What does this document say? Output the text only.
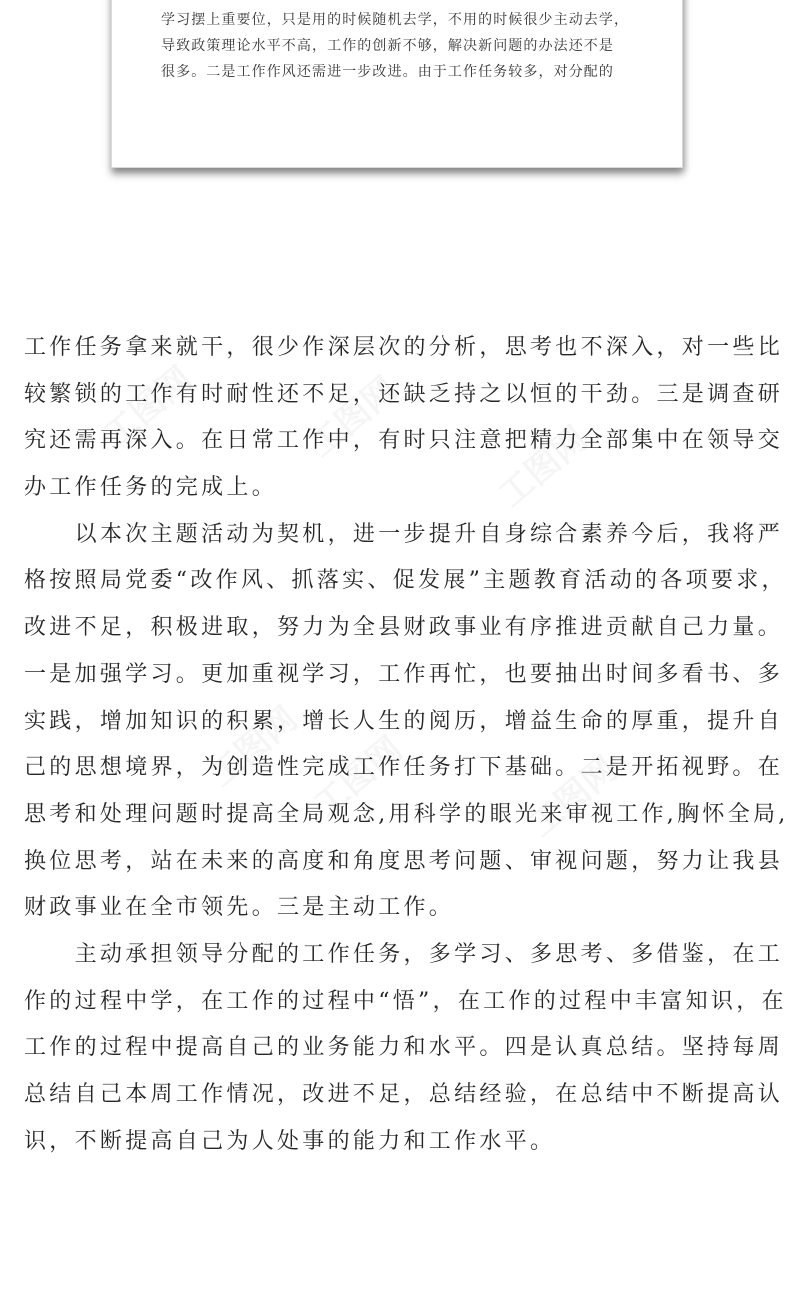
学习摆上重要位，只是用的时候随机去学，不用的时候很少主动去学，

导致政策理论水平不高，工作的创新不够，解决新问题的办法还不是

很多。二是工作作风还需进一步改进。由于工作任务较多，对分配的

工图网	工图网
工图网
工图网 工图网	工图网

工作任务拿来就干，很少作深层次的分析，思考也不深入，对一些比

较繁锁的工作有时耐性还不足，还缺乏持之以恒的干劲。三是调查研

究还需再深入。在日常工作中，有时只注意把精力全部集中在领导交

办工作任务的完成上。

　　以本次主题活动为契机，进一步提升自身综合素养今后，我将严

格按照局党委“改作风、抓落实、促发展”主题教育活动的各项要求，

改进不足，积极进取，努力为全县财政事业有序推进贡献自己力量。

一是加强学习。更加重视学习，工作再忙，也要抽出时间多看书、多

实践，增加知识的积累，增长人生的阅历，增益生命的厚重，提升自

己的思想境界，为创造性完成工作任务打下基础。二是开拓视野。在

思考和处理问题时提高全局观念,用科学的眼光来审视工作,胸怀全局,

换位思考，站在未来的高度和角度思考问题、审视问题，努力让我县

财政事业在全市领先。三是主动工作。

　　主动承担领导分配的工作任务，多学习、多思考、多借鉴，在工

作的过程中学，在工作的过程中“悟”，在工作的过程中丰富知识，在

工作的过程中提高自己的业务能力和水平。四是认真总结。坚持每周

总结自己本周工作情况，改进不足，总结经验，在总结中不断提高认

识，不断提高自己为人处事的能力和工作水平。
